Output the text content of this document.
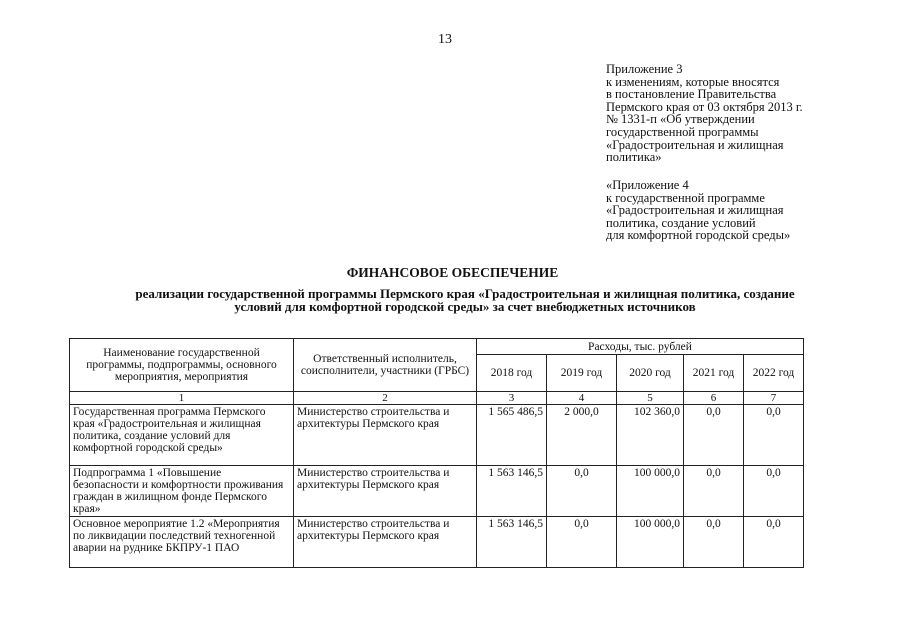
13
Приложение 3
к изменениям, которые вносятся
в постановление Правительства
Пермского края от 03 октября 2013 г.
№ 1331-п «Об утверждении
государственной программы
«Градостроительная и жилищная
политика»
«Приложение 4
к государственной программе
«Градостроительная и жилищная
политика, создание условий
для комфортной городской среды»
ФИНАНСОВОЕ ОБЕСПЕЧЕНИЕ
реализации государственной программы Пермского края «Градостроительная и жилищная политика, создание
условий для комфортной городской среды» за счет внебюджетных источников
Наименование государственной программы, подпрограммы, основного мероприятия, мероприятия	Ответственный исполнитель, соисполнители, участники (ГРБС)	Расходы, тыс. рублей				
		2018 год	2019 год	2020 год	2021 год	2022 год
1	2	3	4	5	6	7
Государственная программа Пермского края «Градостроительная и жилищная политика, создание условий для комфортной городской среды»	Министерство строительства и архитектуры Пермского края	1 565 486,5	2 000,0	102 360,0	0,0	0,0
Подпрограмма 1 «Повышение безопасности и комфортности проживания граждан в жилищном фонде Пермского края»	Министерство строительства и архитектуры Пермского края	1 563 146,5	0,0	100 000,0	0,0	0,0
Основное мероприятие 1.2 «Мероприятия по ликвидации последствий техногенной аварии на руднике БКПРУ-1 ПАО	Министерство строительства и архитектуры Пермского края	1 563 146,5	0,0	100 000,0	0,0	0,0
